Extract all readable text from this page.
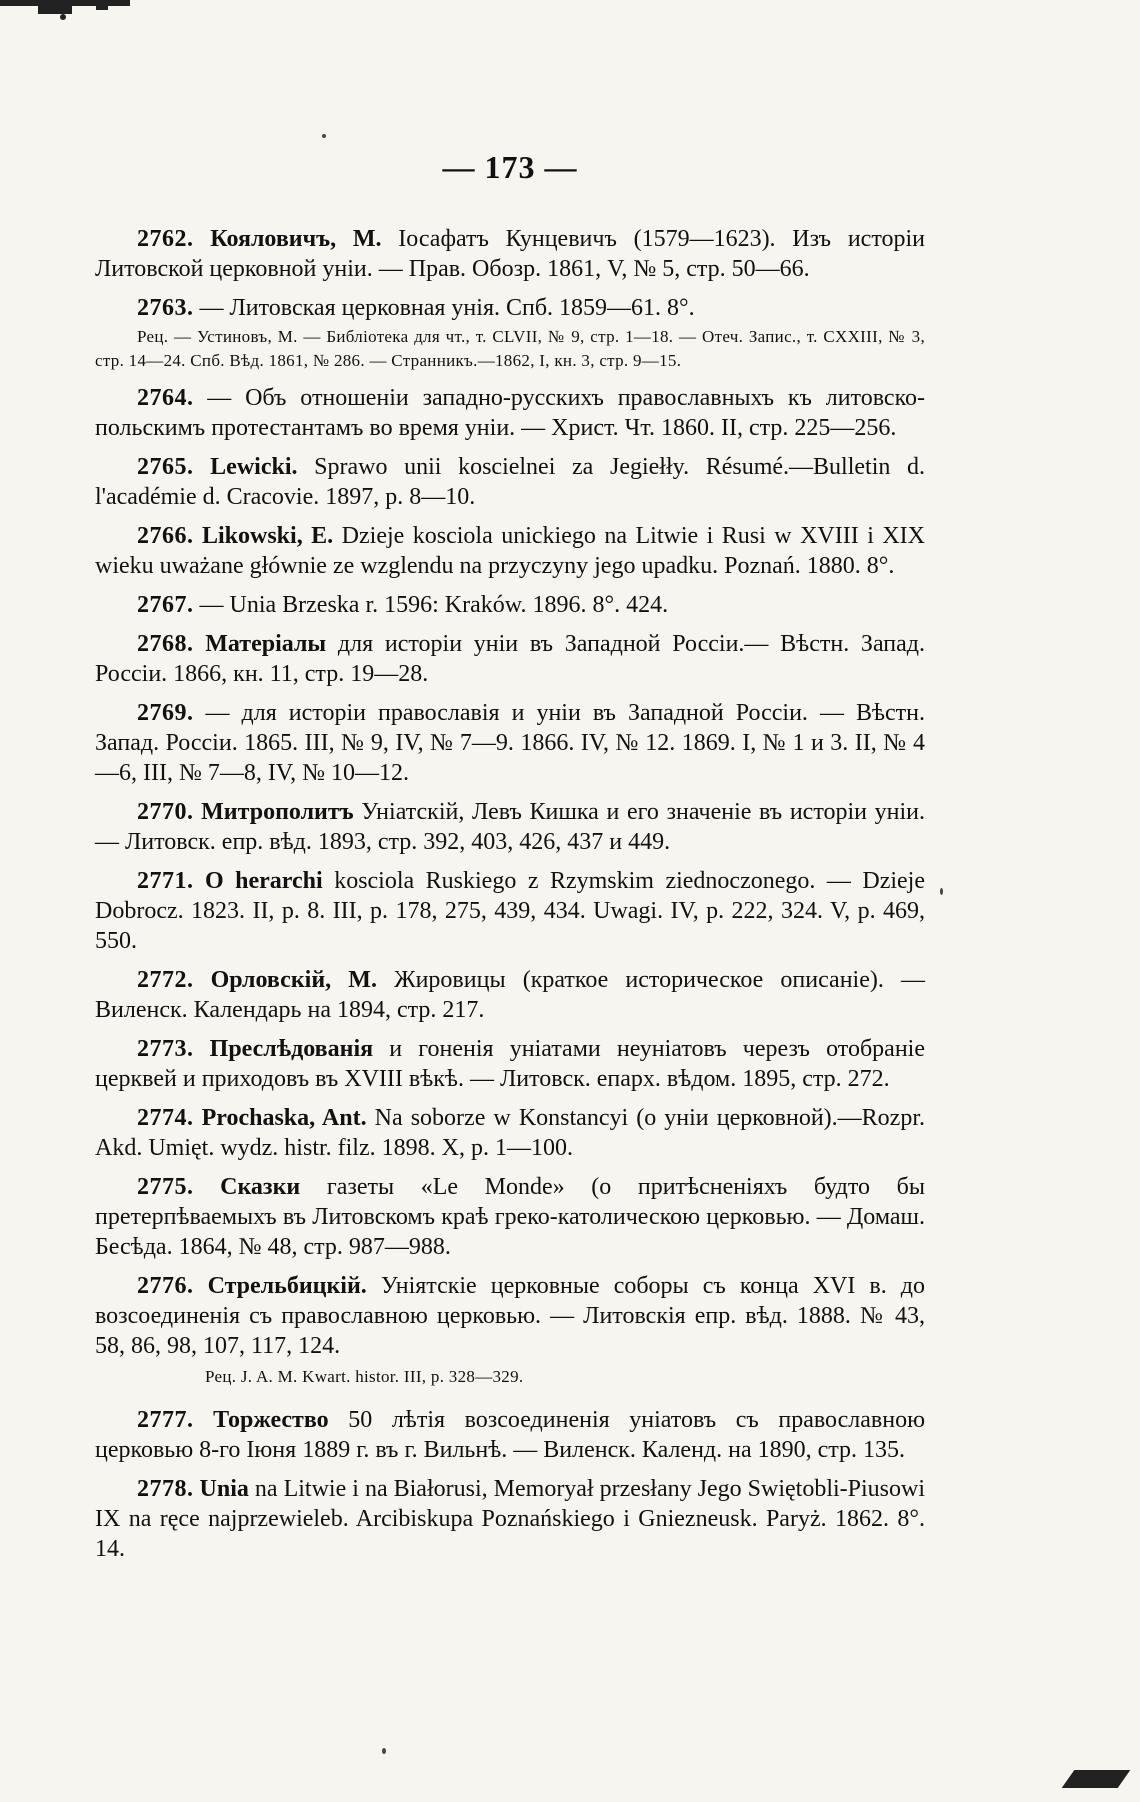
— 173 —
2762. Кояловичъ, М. Іосафатъ Кунцевичъ (1579—1623). Изъ исторіи Литовской церковной уніи. — Прав. Обозр. 1861, V, № 5, стр. 50—66.
2763. — Литовская церковная унія. Спб. 1859—61. 8°.
Рец. — Устиновъ, М. — Библіотека для чт., т. CLVII, № 9, стр. 1—18. — Отеч. Запис., т. CXXIII, № 3, стр. 14—24. Спб. Вѣд. 1861, № 286. — Странникъ.—1862, I, кн. 3, стр. 9—15.
2764. — Объ отношеніи западно-русскихъ православныхъ къ литовско-польскимъ протестантамъ во время уніи. — Христ. Чт. 1860. II, стр. 225—256.
2765. Lewicki. Sprawo unii koscielnei za Jegiełły. Résumé.—Bulletin d. l'académie d. Cracovie. 1897, p. 8—10.
2766. Likowski, E. Dzieje kosciola unickiego na Litwie i Rusi w XVIII i XIX wieku uważane głównie ze wzglendu na przyczyny jego upadku. Poznań. 1880. 8°.
2767. — Unia Brzeska r. 1596: Kraków. 1896. 8°. 424.
2768. Матеріалы для исторіи уніи въ Западной Россіи.— Вѣстн. Запад. Россіи. 1866, кн. 11, стр. 19—28.
2769. — для исторіи православія и уніи въ Западной Россіи. — Вѣстн. Запад. Россіи. 1865. III, № 9, IV, № 7—9. 1866. IV, № 12. 1869. I, № 1 и 3. II, № 4—6, III, № 7—8, IV, № 10—12.
2770. Митрополитъ Уніатскій, Левъ Кишка и его значеніе въ исторіи уніи. — Литовск. епр. вѣд. 1893, стр. 392, 403, 426, 437 и 449.
2771. O herarchi kosciola Ruskiego z Rzymskim ziednoczonego. — Dzieje Dobrocz. 1823. II, p. 8. III, p. 178, 275, 439, 434. Uwagi. IV, p. 222, 324. V, p. 469, 550.
2772. Орловскій, М. Жировицы (краткое историческое описаніе). — Виленск. Календарь на 1894, стр. 217.
2773. Преслѣдованія и гоненія уніатами неуніатовъ черезъ отобраніе церквей и приходовъ въ XVIII вѣкѣ. — Литовск. епарх. вѣдом. 1895, стр. 272.
2774. Prochaska, Ant. Na soborze w Konstancyi (o уніи церковной).—Rozpr. Akd. Umięt. wydz. histr. filz. 1898. X, p. 1—100.
2775. Сказки газеты «Le Monde» (о притѣсненіяхъ будто бы претерпѣваемыхъ въ Литовскомъ краѣ греко-католическою церковью. — Домаш. Бесѣда. 1864, № 48, стр. 987—988.
2776. Стрельбицкій. Уніятскіе церковные соборы съ конца XVI в. до возсоединенія съ православною церковью. — Литовскія епр. вѣд. 1888. № 43, 58, 86, 98, 107, 117, 124.
Рец. J. A. M. Kwart. histor. III, p. 328—329.
2777. Торжество 50 лѣтія возсоединенія уніатовъ съ православною церковью 8-го Іюня 1889 г. въ г. Вильнѣ. — Виленск. Календ. на 1890, стр. 135.
2778. Unia na Litwie i na Białorusi, Memoryał przesłany Jego Swiętobli-Piusowi IX na ręce najprzewieleb. Arcibiskupa Poznańskiego i Gnieznеusk. Paryż. 1862. 8°. 14.
